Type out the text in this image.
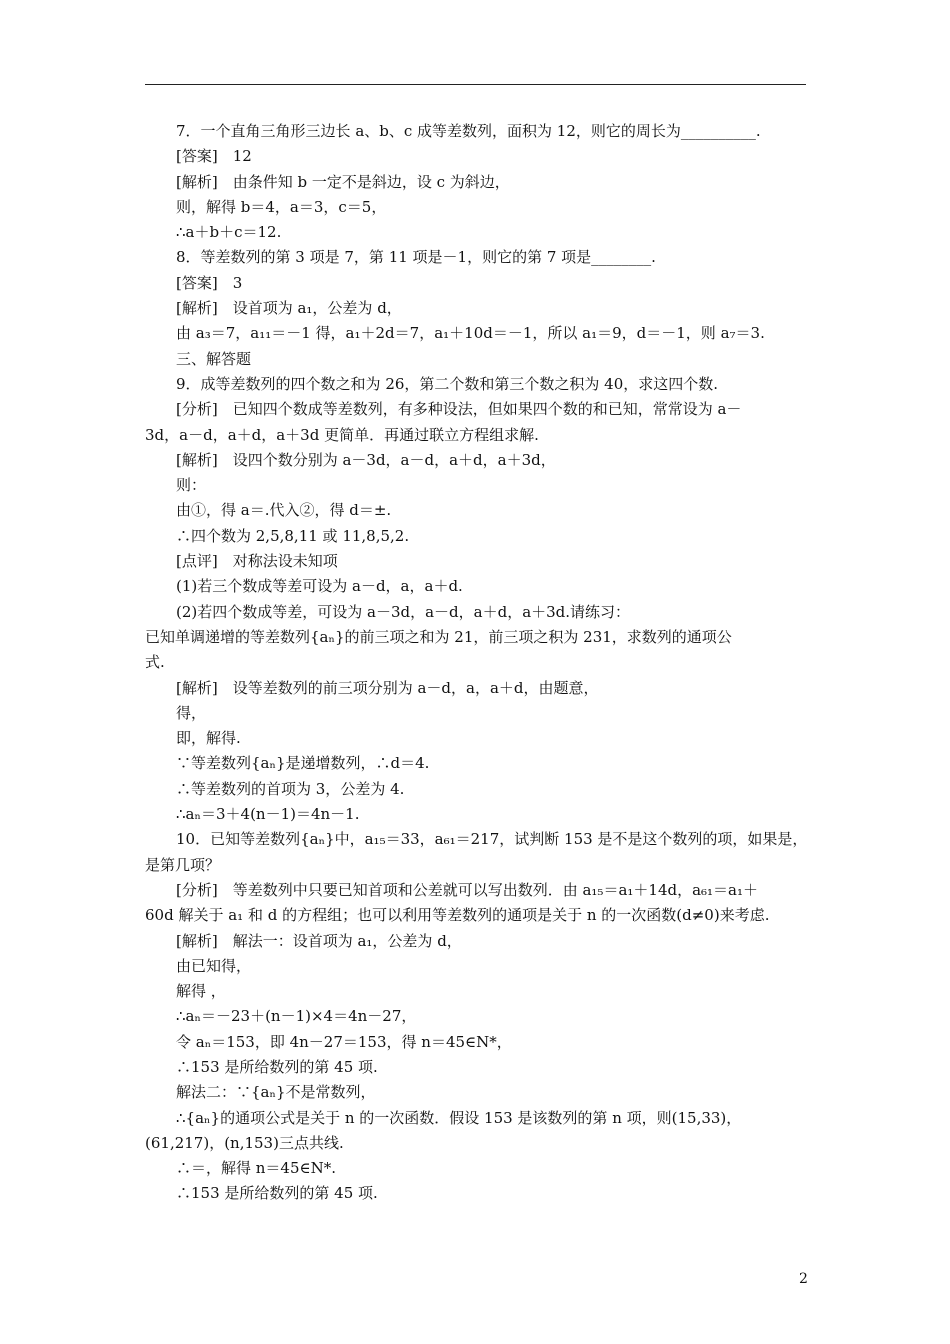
7．一个直角三角形三边长 a、b、c 成等差数列，面积为 12，则它的周长为__________.
[答案]　12
[解析]　由条件知 b 一定不是斜边，设 c 为斜边，
则，解得 b＝4，a＝3，c＝5，
∴a＋b＋c＝12.
8．等差数列的第 3 项是 7，第 11 项是－1，则它的第 7 项是________.
[答案]　3
[解析]　设首项为 a₁，公差为 d，
由 a₃＝7，a₁₁＝－1 得，a₁＋2d＝7，a₁＋10d＝－1，所以 a₁＝9，d＝－1，则 a₇＝3.
三、解答题
9．成等差数列的四个数之和为 26，第二个数和第三个数之积为 40，求这四个数.
[分析]　已知四个数成等差数列，有多种设法，但如果四个数的和已知，常常设为 a－
3d，a－d，a＋d，a＋3d 更简单．再通过联立方程组求解.
[解析]　设四个数分别为 a－3d，a－d，a＋d，a＋3d，
则：
由①，得 a＝.代入②，得 d＝±.
∴四个数为 2,5,8,11 或 11,8,5,2.
[点评]　对称法设未知项
(1)若三个数成等差可设为 a－d，a，a＋d.
(2)若四个数成等差，可设为 a－3d，a－d，a＋d，a＋3d.请练习：
已知单调递增的等差数列{aₙ}的前三项之和为 21，前三项之积为 231，求数列的通项公
式.
[解析]　设等差数列的前三项分别为 a－d，a，a＋d，由题意，
得，
即，解得.
∵等差数列{aₙ}是递增数列，∴d＝4.
∴等差数列的首项为 3，公差为 4.
∴aₙ＝3＋4(n－1)＝4n－1.
10．已知等差数列{aₙ}中，a₁₅＝33，a₆₁＝217，试判断 153 是不是这个数列的项，如果是，
是第几项？
[分析]　等差数列中只要已知首项和公差就可以写出数列．由 a₁₅＝a₁＋14d，a₆₁＝a₁＋
60d 解关于 a₁ 和 d 的方程组；也可以利用等差数列的通项是关于 n 的一次函数(d≠0)来考虑.
[解析]　解法一：设首项为 a₁，公差为 d，
由已知得，
解得 ，
∴aₙ＝－23＋(n－1)×4＝4n－27，
令 aₙ＝153，即 4n－27＝153，得 n＝45∈N*，
∴153 是所给数列的第 45 项.
解法二：∵{aₙ}不是常数列，
∴{aₙ}的通项公式是关于 n 的一次函数．假设 153 是该数列的第 n 项，则(15,33)，
(61,217)，(n,153)三点共线.
∴＝，解得 n＝45∈N*.
∴153 是所给数列的第 45 项.
2
